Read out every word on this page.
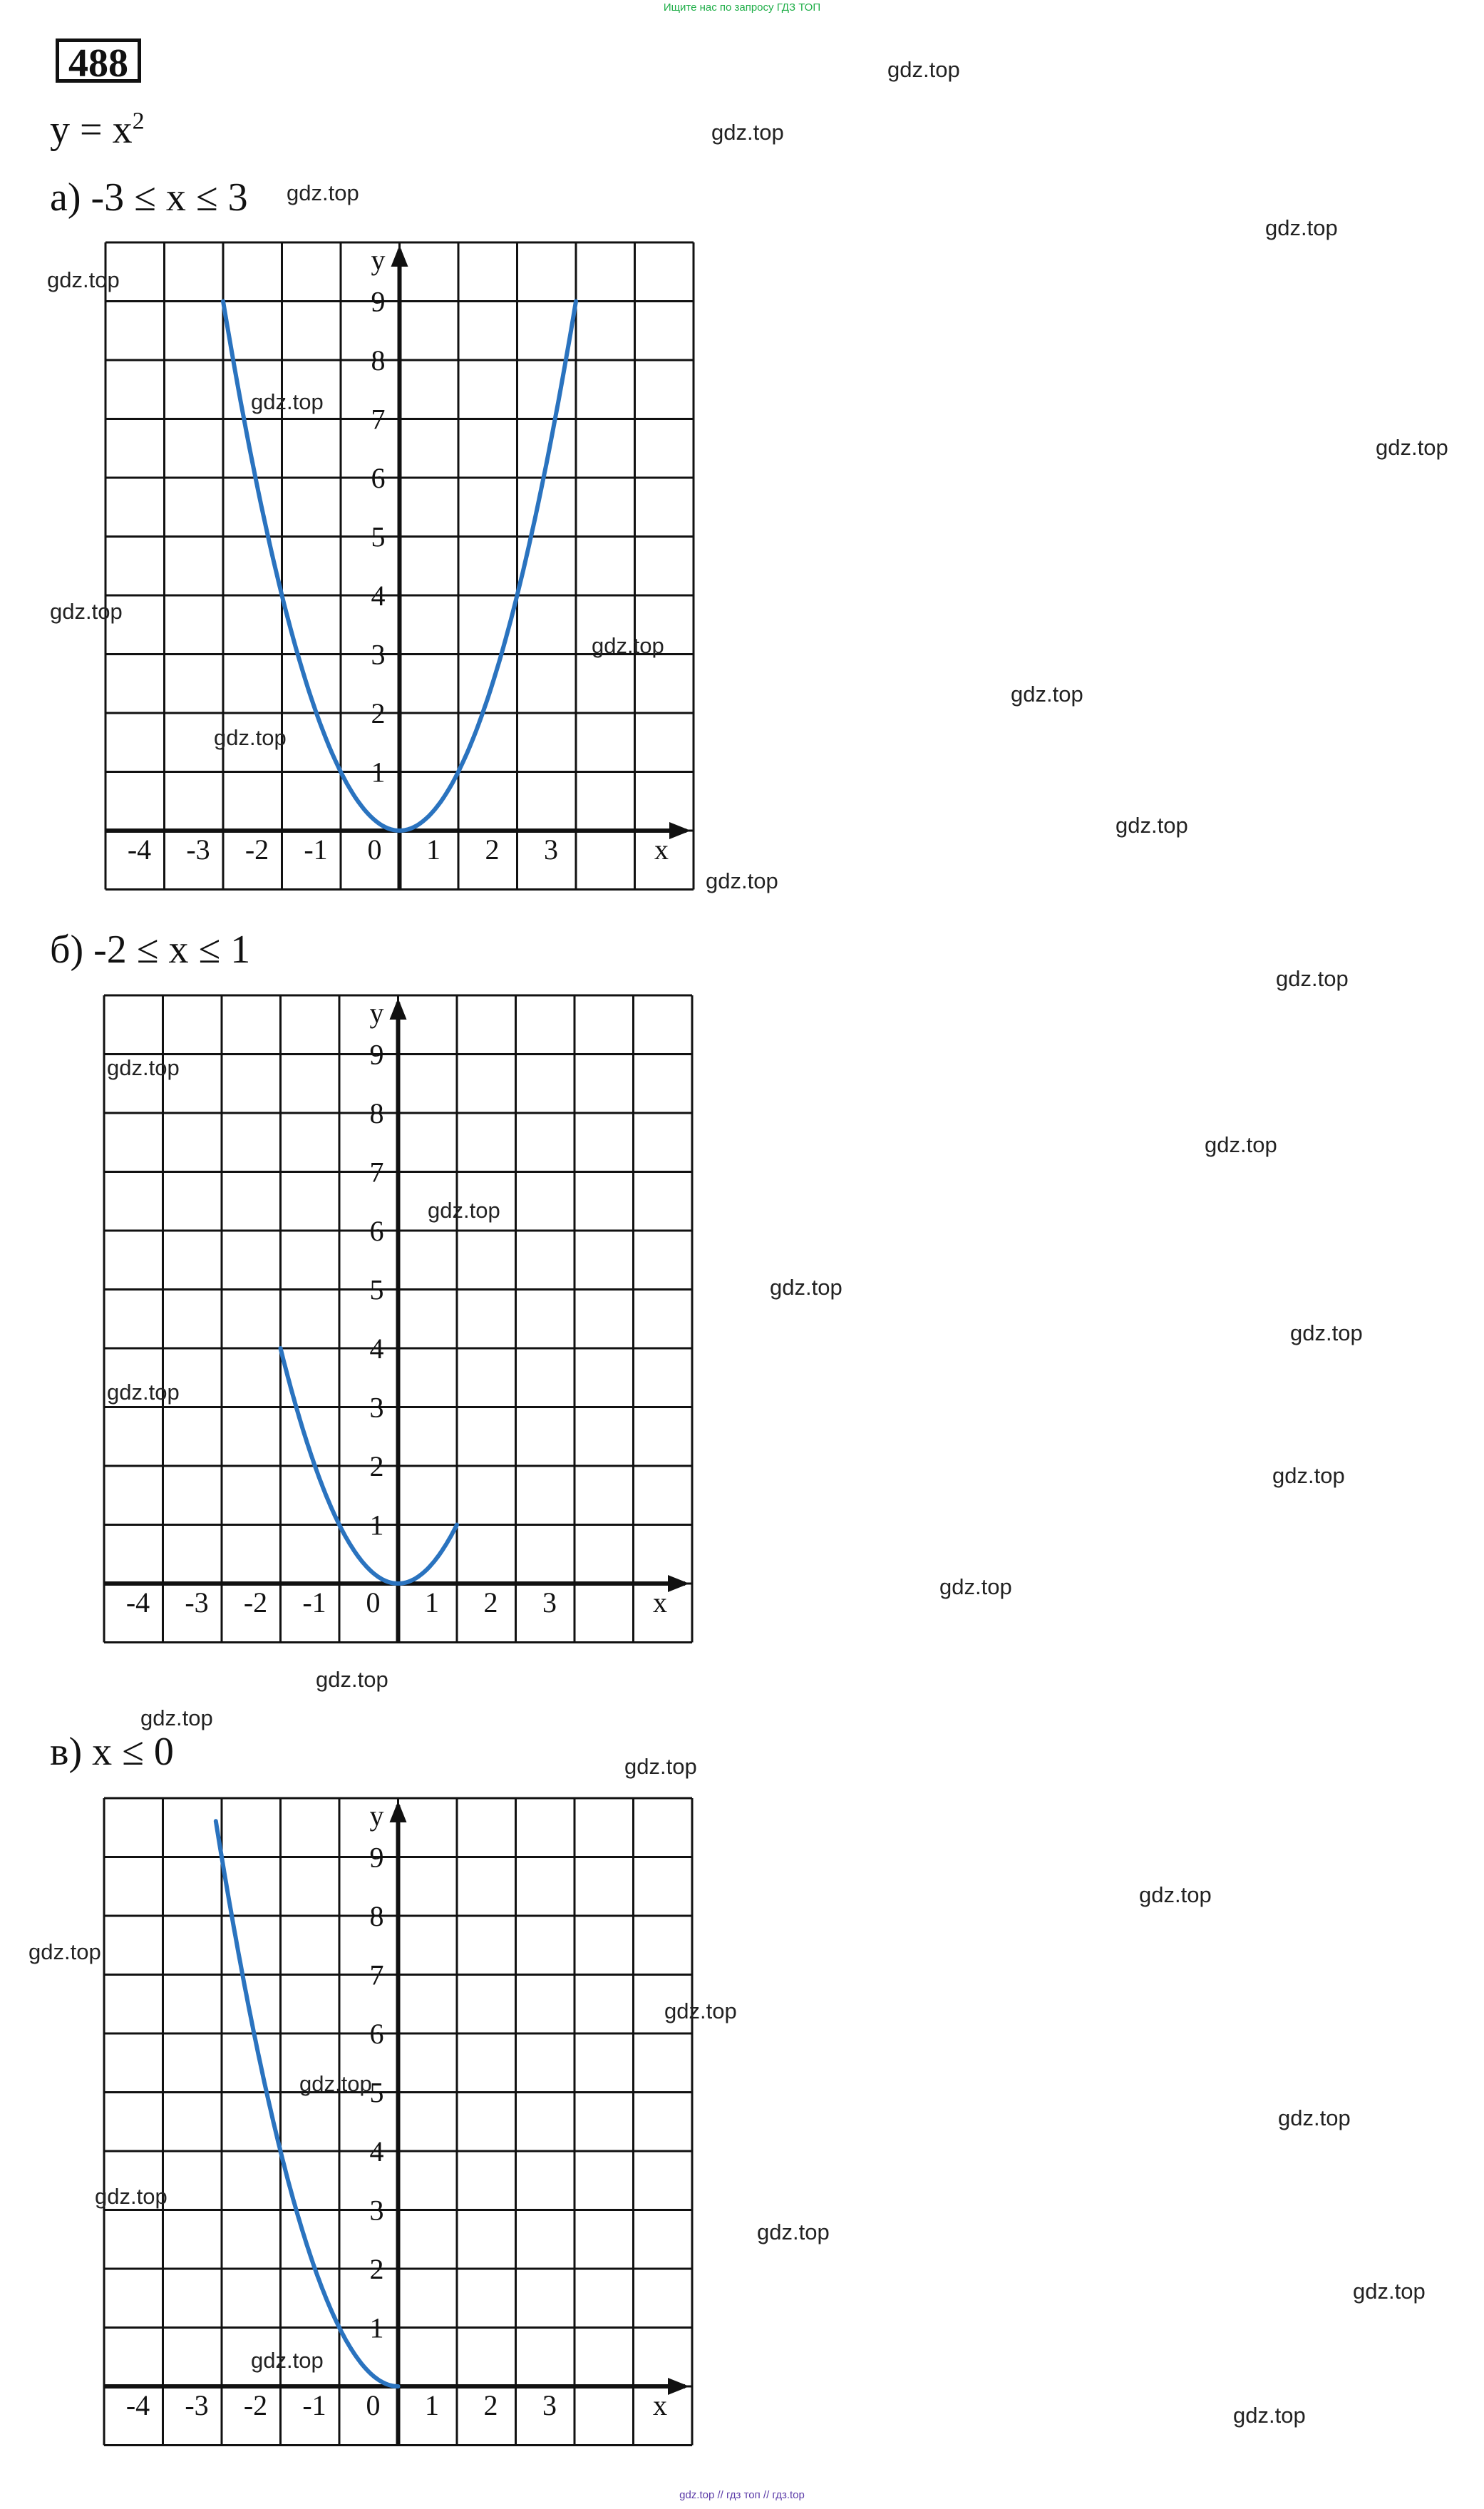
Ищите нас по запросу ГДЗ ТОП
488
$y = x^2$
а) -3 ≤ x ≤ 3
б) -2 ≤ x ≤ 1
в) x ≤ 0
-4 -3 -2 -1 0 1 2 3	x
1
2
3
4
5
6
7
8
9
y
-4 -3 -2 -1 0 1 2 3	x
1
2
3
4
5
6
7
8
9
y
-4 -3 -2 -1 0 1 2 3	x
1
2
3
4
5
6
7
8
9
y
gdz.top
gdz.top
gdz.top
gdz.top
gdz.top
gdz.top
gdz.top
gdz.top
gdz.top
gdz.top
gdz.top
gdz.top
gdz.top
gdz.top
gdz.top
gdz.top
gdz.top
gdz.top
gdz.top
gdz.top
gdz.top
gdz.top
gdz.top
gdz.top
gdz.top
gdz.top
gdz.top
gdz.top
gdz.top
gdz.top
gdz.top
gdz.top
gdz.top
gdz.top
gdz.top
gdz.top // гдз топ // гдз.top
